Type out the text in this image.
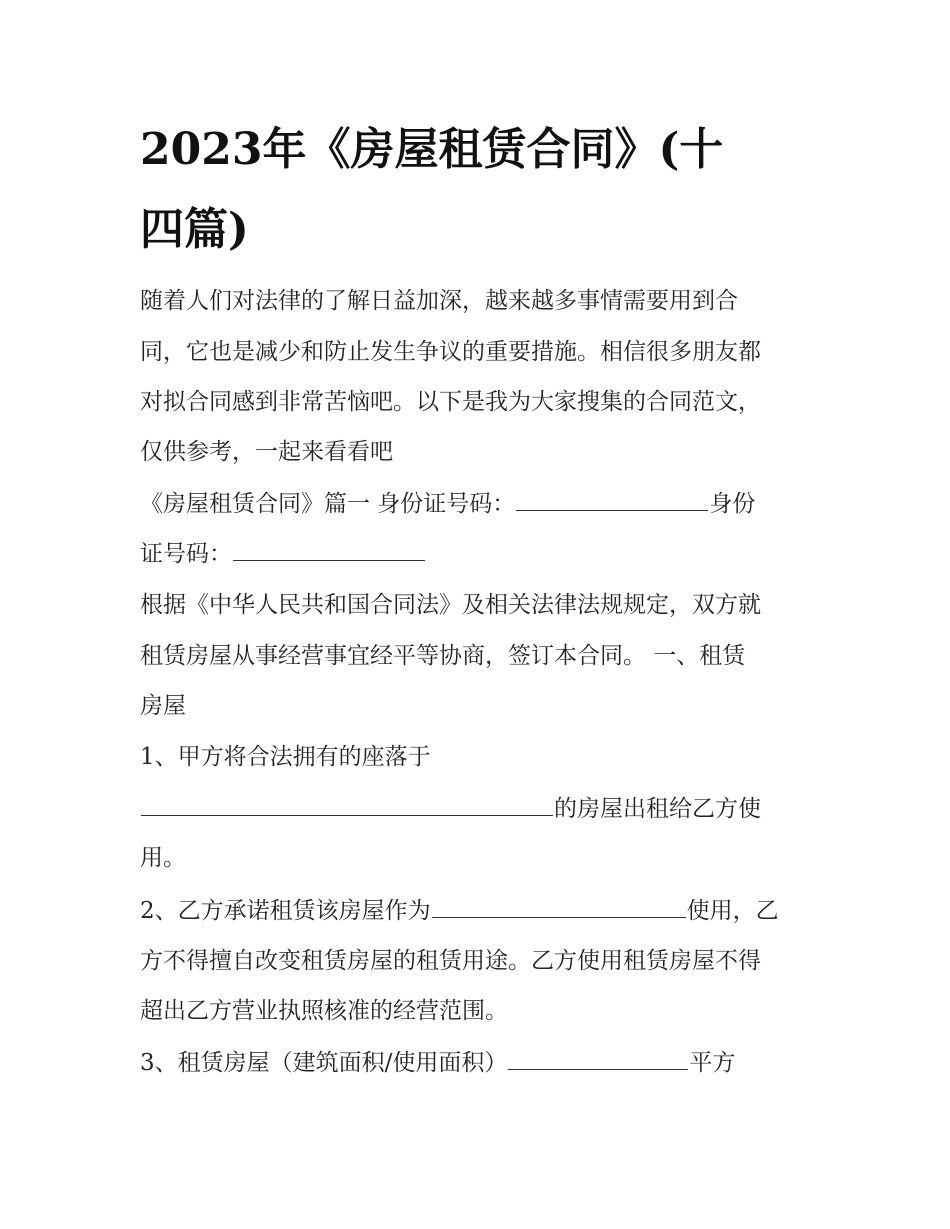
2023年《房屋租赁合同》(十
四篇)
随着人们对法律的了解日益加深，越来越多事情需要用到合
同，它也是减少和防止发生争议的重要措施。相信很多朋友都
对拟合同感到非常苦恼吧。以下是我为大家搜集的合同范文，
仅供参考，一起来看看吧
《房屋租赁合同》篇一 身份证号码：	身份
证号码：
根据《中华人民共和国合同法》及相关法律法规规定，双方就
租赁房屋从事经营事宜经平等协商，签订本合同。 一、租赁
房屋
1、甲方将合法拥有的座落于
的房屋出租给乙方使
用。
2、乙方承诺租赁该房屋作为	使用，乙
方不得擅自改变租赁房屋的租赁用途。乙方使用租赁房屋不得
超出乙方营业执照核准的经营范围。
3、租赁房屋（建筑面积/使用面积）	平方
